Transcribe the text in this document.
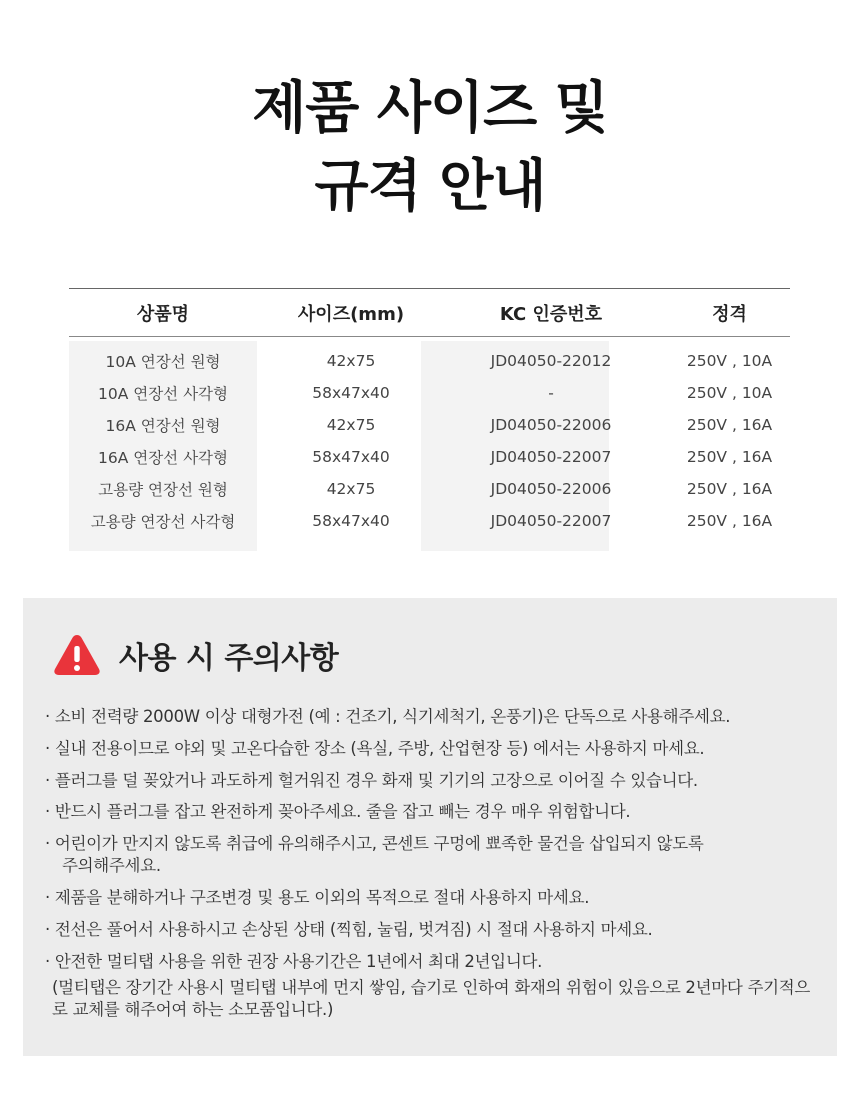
제품 사이즈 및
규격 안내
상품명	사이즈(mm)	KC 인증번호	정격
10A 연장선 원형	42x75	JD04050-22012	250V , 10A
10A 연장선 사각형	58x47x40	-	250V , 10A
16A 연장선 원형	42x75	JD04050-22006	250V , 16A
16A 연장선 사각형	58x47x40	JD04050-22007	250V , 16A
고용량 연장선 원형	42x75	JD04050-22006	250V , 16A
고용량 연장선 사각형	58x47x40	JD04050-22007	250V , 16A
사용 시 주의사항
· 소비 전력량 2000W 이상 대형가전 (예 : 건조기, 식기세척기, 온풍기)은 단독으로 사용해주세요.
· 실내 전용이므로 야외 및 고온다습한 장소 (욕실, 주방, 산업현장 등) 에서는 사용하지 마세요.
· 플러그를 덜 꽂았거나 과도하게 헐거워진 경우 화재 및 기기의 고장으로 이어질 수 있습니다.
· 반드시 플러그를 잡고 완전하게 꽂아주세요. 줄을 잡고 빼는 경우 매우 위험합니다.
· 어린이가 만지지 않도록 취급에 유의해주시고, 콘센트 구멍에 뾰족한 물건을 삽입되지 않도록
주의해주세요.
· 제품을 분해하거나 구조변경 및 용도 이외의 목적으로 절대 사용하지 마세요.
· 전선은 풀어서 사용하시고 손상된 상태 (찍힘, 눌림, 벗겨짐) 시 절대 사용하지 마세요.
· 안전한 멀티탭 사용을 위한 권장 사용기간은 1년에서 최대 2년입니다.
(멀티탭은 장기간 사용시 멀티탭 내부에 먼지 쌓임, 습기로 인하여 화재의 위험이 있음으로 2년마다 주기적으로 교체를 해주어여 하는 소모품입니다.)
